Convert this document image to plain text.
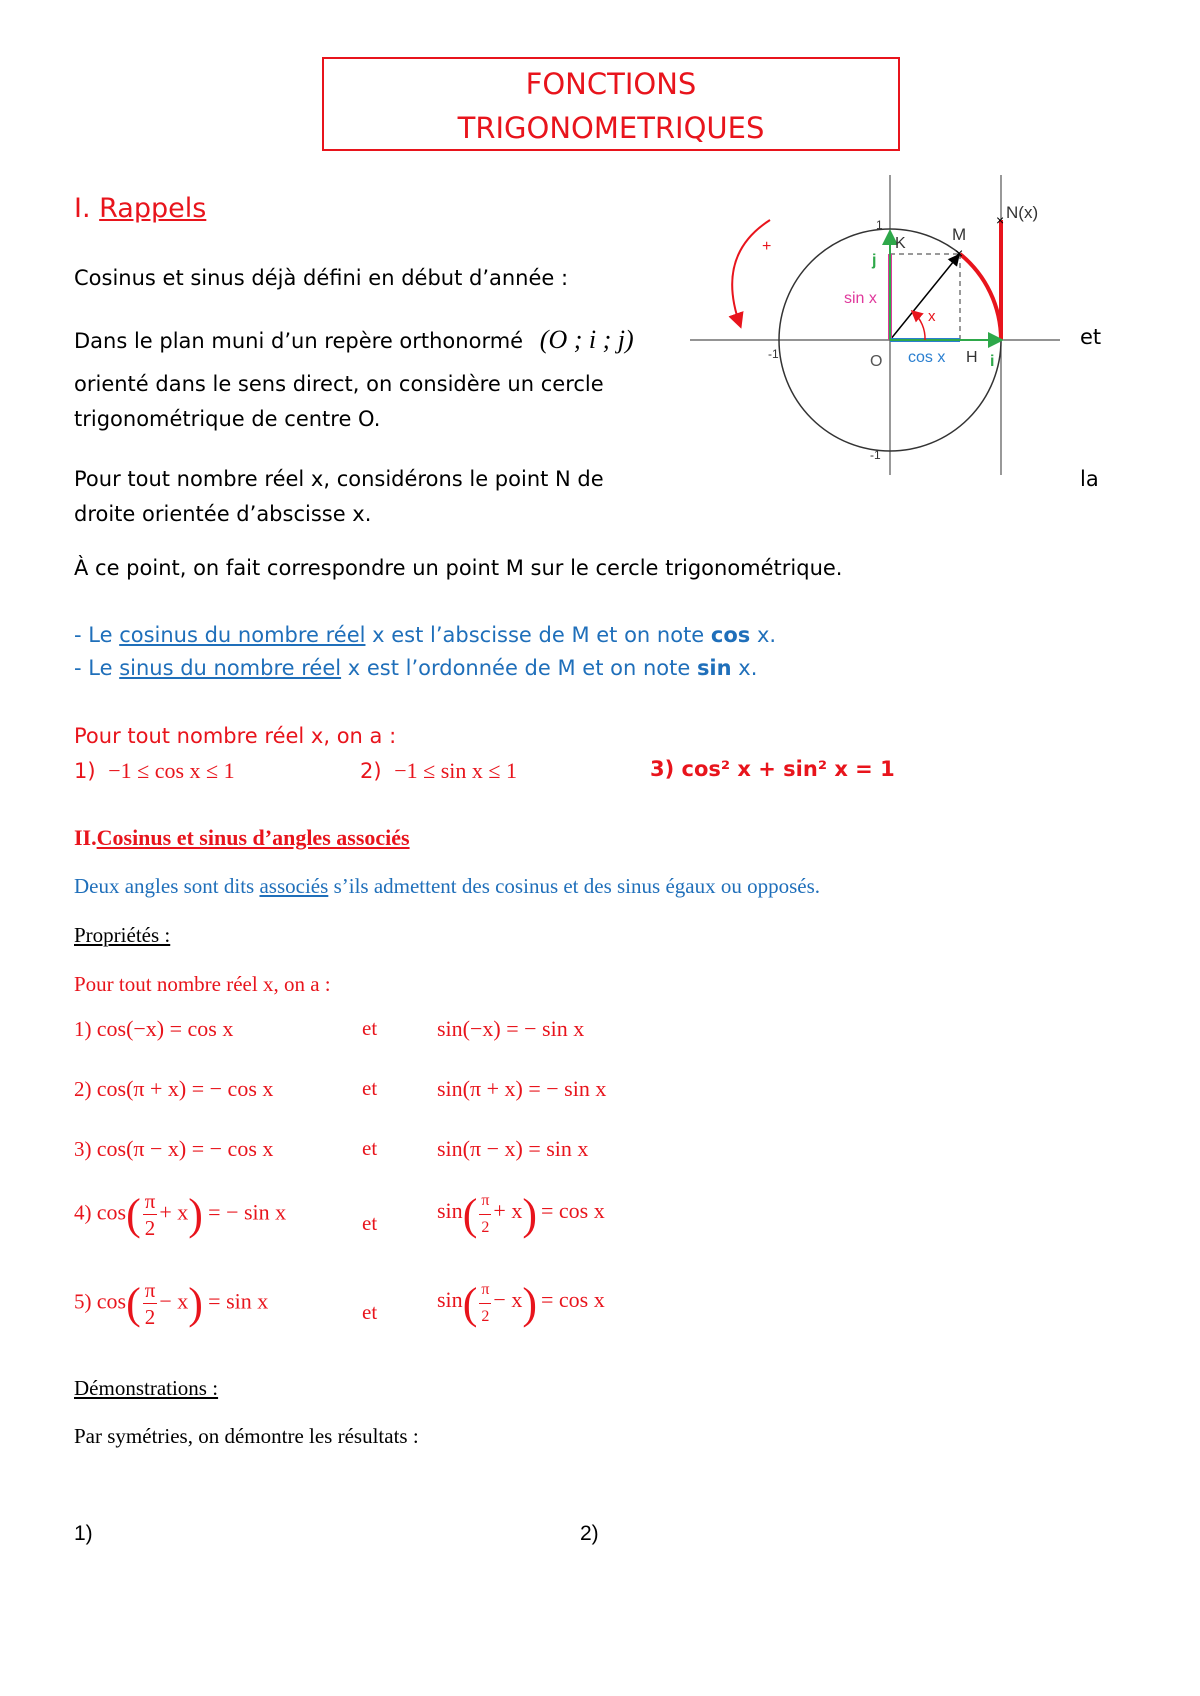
FONCTIONS
TRIGONOMETRIQUES
I. Rappels
Cosinus et sinus déjà défini en début d’année :
Dans le plan muni d’un repère orthonormé (O ; i ; j)	et
orienté dans le sens direct, on considère un cercle
trigonométrique de centre O.
Pour tout nombre réel x, considérons le point N de	la
droite orientée d’abscisse x.
À ce point, on fait correspondre un point M sur le cercle trigonométrique.
- Le cosinus du nombre réel x est l’abscisse de M et on note cos x.
- Le sinus du nombre réel x est l’ordonnée de M et on note sin x.
Pour tout nombre réel x, on a :
1) −1 ≤ cos x ≤ 1	2) −1 ≤ sin x ≤ 1	3) cos² x + sin² x = 1
×
× N(x)
M
K
H
O
j
i
sin x
cos x
x
+
1
-1
-1
II.Cosinus et sinus d’angles associés
Deux angles sont dits associés s’ils admettent des cosinus et des sinus égaux ou opposés.
Propriétés :
Pour tout nombre réel x, on a :
1) cos(−x) = cos x	et	sin(−x) = − sin x
2) cos(π + x) = − cos x	et	sin(π + x) = − sin x
3) cos(π − x) = − cos x	et	sin(π − x) = sin x
4) $\cos( \frac{\pi}{2} + x)$ = − sin x	et	$\sin( \frac{\pi}{2} + x) = \cos x$
5) $\cos( \frac{\pi}{2} - x) = \sin x$	et	$\sin( \frac{\pi}{2} - x) = \cos x$
Démonstrations :
Par symétries, on démontre les résultats :
1)	2)
